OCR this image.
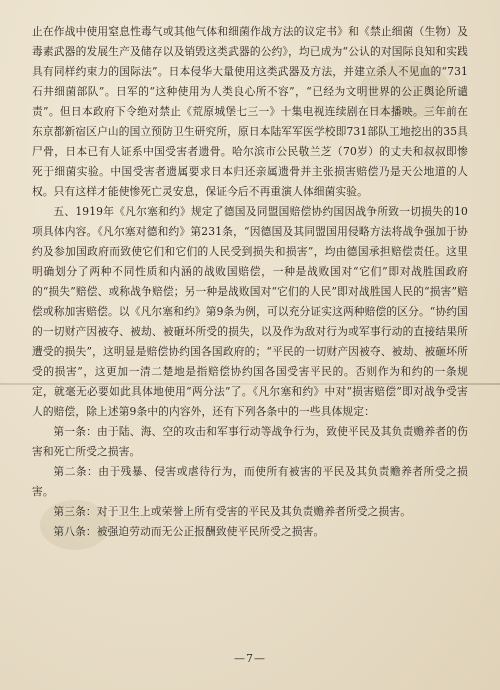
止在作战中使用窒息性毒气或其他气体和细菌作战方法的议定书》和《禁止细菌（生物）及毒素武器的发展生产及储存以及销毁这类武器的公约》，均已成为“公认的对国际良知和实践具有同样约束力的国际法”。日本侵华大量使用这类武器及方法，并建立杀人不见血的“731石井细菌部队”。日军的“这种使用为人类良心所不容”，“已经为文明世界的公正舆论所谴责”。但日本政府下令绝对禁止《荒原城堡七三一》十集电视连续剧在日本播映。三年前在东京都新宿区户山的国立预防卫生研究所，原日本陆军军医学校即731部队工地挖出的35具尸骨，日本已有人证系中国受害者遗骨。哈尔滨市公民敬兰芝（70岁）的丈夫和叔叔即惨死于细菌实验。中国受害者遗属要求日本归还亲属遗骨并主张损害赔偿乃是天公地道的人权。只有这样才能使惨死亡灵安息，保证今后不再重演人体细菌实验。

五、1919年《凡尔塞和约》规定了德国及同盟国赔偿协约国因战争所致一切损失的10项具体内容。《凡尔塞对德和约》第231条，“因德国及其同盟国用侵略方法将战争强加于协约及参加国政府而致使它们和它们的人民受到损失和损害”，均由德国承担赔偿责任。这里明确划分了两种不同性质和内涵的战败国赔偿，一种是战败国对“它们”即对战胜国政府的“损失”赔偿、或称战争赔偿；另一种是战败国对“它们的人民”即对战胜国人民的“损害”赔偿或称加害赔偿。以《凡尔塞和约》第9条为例，可以充分证实这两种赔偿的区分。“协约国的一切财产因被夺、被劫、被砸坏所受的损失，以及作为敌对行为或军事行动的直接结果所遭受的损失”，这明显是赔偿协约国各国政府的；“平民的一切财产因被夺、被劫、被砸坏所受的损害”，这更加一清二楚地是指赔偿协约国各国受害平民的。否则作为和约的一条规定，就毫无必要如此具体地使用“两分法”了。《凡尔塞和约》中对“损害赔偿”即对战争受害人的赔偿，除上述第9条中的内容外，还有下列各条中的一些具体规定：

第一条：由于陆、海、空的攻击和军事行动等战争行为，致使平民及其负责赡养者的伤害和死亡所受之损害。

第二条：由于残暴、侵害或虐待行为，而使所有被害的平民及其负责赡养者所受之损害。

第三条：对于卫生上或荣誉上所有受害的平民及其负责赡养者所受之损害。

第八条：被强迫劳动而无公正报酬致使平民所受之损害。

—7—
